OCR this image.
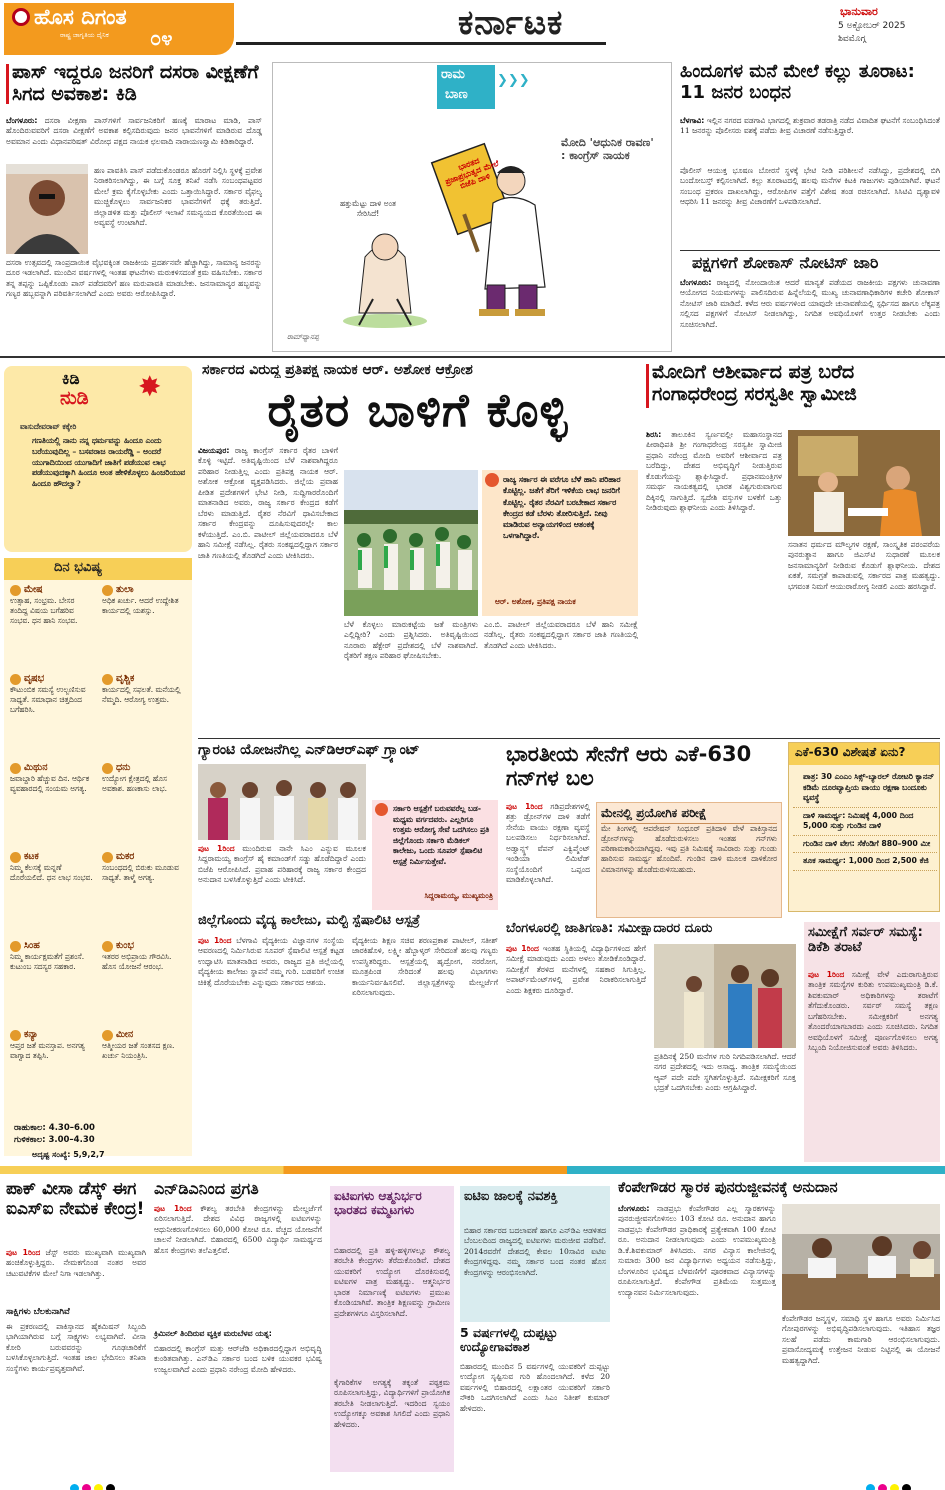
ಹೊಸ ದಿಗಂತ
ರಾಷ್ಟ್ರ ಜಾಗೃತಿಯ ದೈನಿಕ ೦೪	ಕರ್ನಾಟಕ	ಭಾನುವಾರ
5 ಅಕ್ಟೋಬರ್ 2025
ಶಿವಮೊಗ್ಗ
ಪಾಸ್ ಇದ್ದರೂ ಜನರಿಗೆ ದಸರಾ ವೀಕ್ಷಣೆಗೆ ಸಿಗದ ಅವಕಾಶ: ಕಿಡಿ
ಬೆಂಗಳೂರು: ದಸರಾ ವೀಕ್ಷಣಾ ಪಾಸ್‌ಗಳಿಗೆ ಸಾರ್ವಜನಿಕರಿಗೆ ಹಣಕ್ಕೆ ಮಾರಾಟ ಮಾಡಿ, ಪಾಸ್ ಹೊಂದಿರುವವರಿಗೆ ದಸರಾ ವೀಕ್ಷಣೆಗೆ ಅವಕಾಶ ಕಲ್ಪಿಸದಿರುವುದು ಜನರ ಭಾವನೆಗಳಿಗೆ ಮಾಡಿರುವ ದೊಡ್ಡ ಅವಮಾನ ಎಂದು ವಿಧಾನಪರಿಷತ್ ವಿರೋಧ ಪಕ್ಷದ ನಾಯಕ ಛಲವಾದಿ ನಾರಾಯಣಸ್ವಾಮಿ ಕಿಡಿಕಾರಿದ್ದಾರೆ.
ಹಣ ಪಾವತಿಸಿ ಪಾಸ್ ಪಡೆದುಕೊಂಡರೂ ಹೊರಗೆ ನಿಲ್ಲಿಸಿ ಸ್ಥಳಕ್ಕೆ ಪ್ರವೇಶ ನಿರಾಕರಿಸಲಾಗಿದ್ದು, ಈ ಬಗ್ಗೆ ಸೂಕ್ತ ತನಿಖೆ ನಡೆಸಿ ಸಂಬಂಧಪಟ್ಟವರ ಮೇಲೆ ಕ್ರಮ ಕೈಗೊಳ್ಳಬೇಕು ಎಂದು ಒತ್ತಾಯಿಸಿದ್ದಾರೆ. ಸರ್ಕಾರ ವೈಫಲ್ಯ ಮುಚ್ಚಿಕೊಳ್ಳಲು ಸಾರ್ವಜನಿಕರ ಭಾವನೆಗಳಿಗೆ ಧಕ್ಕೆ ತರುತ್ತಿದೆ. ಜಿಲ್ಲಾಡಳಿತ ಮತ್ತು ಪೊಲೀಸ್ ಇಲಾಖೆ ಸಮನ್ವಯದ ಕೊರತೆಯಿಂದ ಈ ಅವ್ಯವಸ್ಥೆ ಉಂಟಾಗಿದೆ.
ದಸರಾ ಉತ್ಸವದಲ್ಲಿ ಸಾಂಪ್ರದಾಯಿಕ ವೈಭವಕ್ಕಿಂತ ರಾಜಕೀಯ ಪ್ರದರ್ಶನವೇ ಹೆಚ್ಚಾಗಿದ್ದು, ಸಾಮಾನ್ಯ ಜನರನ್ನು ದೂರ ಇಡಲಾಗಿದೆ. ಮುಂದಿನ ವರ್ಷಗಳಲ್ಲಿ ಇಂತಹ ಘಟನೆಗಳು ಮರುಕಳಿಸದಂತೆ ಕ್ರಮ ವಹಿಸಬೇಕು. ಸರ್ಕಾರ ತನ್ನ ತಪ್ಪನ್ನು ಒಪ್ಪಿಕೊಂಡು ಪಾಸ್ ಪಡೆದವರಿಗೆ ಹಣ ಮರುಪಾವತಿ ಮಾಡಬೇಕು. ಜನಸಾಮಾನ್ಯರ ಹಬ್ಬವನ್ನು ಗಣ್ಯರ ಹಬ್ಬವನ್ನಾಗಿ ಪರಿವರ್ತಿಸಲಾಗಿದೆ ಎಂದು ಅವರು ಆರೋಪಿಸಿದ್ದಾರೆ.
ರಾಮ
ಬಾಣ
❯❯❯
ಭಾರತದ ಪ್ರಜಾಪ್ರಭುತ್ವದ ಮೇಲೆ ಬಿಜೆಪಿ ದಾಳಿ
ಮೋದಿ 'ಆಧುನಿಕ ರಾವಣ' : ಕಾಂಗ್ರೆಸ್ ನಾಯಕ
ಹತ್ತುಮೆಟ್ಟು ದಾಳಿ ಅಂತ ಸೇರಿಸಿದೆ!
ರಾಮ್‌ಧ್ಯಾನಪ್ಪ
ಹಿಂದೂಗಳ ಮನೆ ಮೇಲೆ ಕಲ್ಲು ತೂರಾಟ: 11 ಜನರ ಬಂಧನ
ಬೆಳಗಾವಿ: ಇಲ್ಲಿನ ನಗರದ ವಡಗಾವಿ ಭಾಗದಲ್ಲಿ ಶುಕ್ರವಾರ ತಡರಾತ್ರಿ ನಡೆದ ವಿವಾದಿತ ಘಟನೆಗೆ ಸಂಬಂಧಿಸಿದಂತೆ 11 ಜನರನ್ನು ಪೊಲೀಸರು ವಶಕ್ಕೆ ಪಡೆದು ತೀವ್ರ ವಿಚಾರಣೆ ನಡೆಸುತ್ತಿದ್ದಾರೆ.
ಪೊಲೀಸ್ ಆಯುಕ್ತ ಭೂಷಣ ಬೋರಸೆ ಸ್ಥಳಕ್ಕೆ ಭೇಟಿ ನೀಡಿ ಪರಿಶೀಲನೆ ನಡೆಸಿದ್ದು, ಪ್ರದೇಶದಲ್ಲಿ ಬಿಗಿ ಬಂದೋಬಸ್ತ್ ಕಲ್ಪಿಸಲಾಗಿದೆ. ಕಲ್ಲು ತೂರಾಟದಲ್ಲಿ ಹಲವು ಮನೆಗಳ ಕಿಟಕಿ ಗಾಜುಗಳು ಪುಡಿಯಾಗಿವೆ. ಘಟನೆ ಸಂಬಂಧ ಪ್ರಕರಣ ದಾಖಲಾಗಿದ್ದು, ಆರೋಪಿಗಳ ಪತ್ತೆಗೆ ವಿಶೇಷ ತಂಡ ರಚಿಸಲಾಗಿದೆ. ಸಿಸಿಟಿವಿ ದೃಶ್ಯಾವಳಿ ಆಧರಿಸಿ 11 ಜನರನ್ನು ತೀವ್ರ ವಿಚಾರಣೆಗೆ ಒಳಪಡಿಸಲಾಗಿದೆ.
ಪಕ್ಷಗಳಿಗೆ ಶೋಕಾಸ್ ನೋಟಿಸ್ ಜಾರಿ
ಬೆಂಗಳೂರು: ರಾಜ್ಯದಲ್ಲಿ ನೋಂದಾಯಿತ ಆದರೆ ಮಾನ್ಯತೆ ಪಡೆಯದ ರಾಜಕೀಯ ಪಕ್ಷಗಳು ಚುನಾವಣಾ ಆಯೋಗದ ನಿಯಮಗಳನ್ನು ಪಾಲಿಸದಿರುವ ಹಿನ್ನೆಲೆಯಲ್ಲಿ ಮುಖ್ಯ ಚುನಾವಣಾಧಿಕಾರಿಗಳ ಕಚೇರಿ ಶೋಕಾಸ್ ನೋಟಿಸ್ ಜಾರಿ ಮಾಡಿದೆ. ಕಳೆದ ಆರು ವರ್ಷಗಳಿಂದ ಯಾವುದೇ ಚುನಾವಣೆಯಲ್ಲಿ ಸ್ಪರ್ಧಿಸದ ಹಾಗೂ ಲೆಕ್ಕಪತ್ರ ಸಲ್ಲಿಸದ ಪಕ್ಷಗಳಿಗೆ ನೋಟಿಸ್ ನೀಡಲಾಗಿದ್ದು, ನಿಗದಿತ ಅವಧಿಯೊಳಗೆ ಉತ್ತರ ನೀಡಬೇಕು ಎಂದು ಸೂಚಿಸಲಾಗಿದೆ.
✸
ಕಿಡಿ
ನುಡಿ
ವಾಸುದೇವರಾವ್ ಕಕ್ಕೇರಿ
ಗಣತಿಯಲ್ಲಿ ನಾನು ನನ್ನ ಧರ್ಮವನ್ನು ಹಿಂದೂ ಎಂದು ಬರೆಯುವುದಿಲ್ಲ – ಬಸವರಾಜ ರಾಯರೆಡ್ಡಿ – ಅಂದರೆ ಯುಗಾದಿಯಿಂದ ಯುಗಾದಿಗೆ ಜಾತಿಗೆ ಪಡೆಯುವ ಲಾಭ ಪಡೆಯುವುದಕ್ಕಾಗಿ ಹಿಂದೂ ಅಂತ ಹೇಳಿಕೊಳ್ಳಲು ಹಿಂಜರಿಯುವ ಹಿಂದೂ ಹೌದಲ್ವಾ?
ದಿನ ಭವಿಷ್ಯ
ಮೇಷ
ಉತ್ಸಾಹ, ಸಂಭ್ರಮ. ಬೇಸರ ತಂದಿದ್ದ ವಿಷಯ ಬಗೆಹರಿವ ಸಂಭವ. ಧನ ಹಾನಿ ಸಂಭವ.
ವೃಷಭ
ಕೌಟುಂಬಿಕ ಸಮಸ್ಯೆ ಉಲ್ಬಣಿಸುವ ಸಾಧ್ಯತೆ. ಸಮಾಧಾನ ಚಿತ್ತದಿಂದ ಬಗೆಹರಿಸಿ.
ಮಿಥುನ
ಜವಾಬ್ದಾರಿ ಹೆಚ್ಚುವ ದಿನ. ಆರ್ಥಿಕ ವ್ಯವಹಾರದಲ್ಲಿ ಸಂಯಮ ಅಗತ್ಯ.
ಕಟಕ
ನಿಮ್ಮ ಕೆಲಸಕ್ಕೆ ಮನ್ನಣೆ ದೊರೆಯಲಿದೆ. ಧನ ಲಾಭ ಸಂಭವ.
ಸಿಂಹ
ನಿಮ್ಮ ಕಾರ್ಯಕ್ಷಮತೆಗೆ ಪ್ರಶಂಸೆ. ಕುಟುಂಬ ಸದಸ್ಯರ ಸಹಕಾರ.
ಕನ್ಯಾ
ಆಪ್ತರ ಜತೆ ಮನಸ್ತಾಪ. ಅನಗತ್ಯ ವಾಗ್ವಾದ ತಪ್ಪಿಸಿ.
ತುಲಾ
ಅಧಿಕ ಖರ್ಚು. ಆದರೆ ಉದ್ದೇಶಿತ ಕಾರ್ಯದಲ್ಲಿ ಯಶಸ್ಸು.
ವೃಶ್ಚಿಕ
ಕಾರ್ಯದಲ್ಲಿ ಸಫಲತೆ. ಮನೆಯಲ್ಲಿ ನೆಮ್ಮದಿ. ಆರೋಗ್ಯ ಉತ್ತಮ.
ಧನು
ಉದ್ಯೋಗ ಕ್ಷೇತ್ರದಲ್ಲಿ ಹೊಸ ಅವಕಾಶ. ಹಣಕಾಸು ಲಾಭ.
ಮಕರ
ಸಂಬಂಧದಲ್ಲಿ ಬಿರುಕು ಮೂಡುವ ಸಾಧ್ಯತೆ. ತಾಳ್ಮೆ ಅಗತ್ಯ.
ಕುಂಭ
ಇತರರ ಅಭಿಪ್ರಾಯ ಗೌರವಿಸಿ. ಹೊಸ ಯೋಜನೆ ಆರಂಭ.
ಮೀನ
ಆತ್ಮೀಯರ ಜತೆ ಸಂತಸದ ಕ್ಷಣ. ಖರ್ಚು ನಿಯಂತ್ರಿಸಿ.
ರಾಹುಕಾಲ: 4.30–6.00
ಗುಳಿಕಕಾಲ: 3.00–4.30
ಅದೃಷ್ಟ ಸಂಖ್ಯೆ: 5,9,2,7
ಸರ್ಕಾರದ ವಿರುದ್ಧ ಪ್ರತಿಪಕ್ಷ ನಾಯಕ ಆರ್. ಅಶೋಕ ಆಕ್ರೋಶ
ರೈತರ ಬಾಳಿಗೆ ಕೊಳ್ಳಿ
ವಿಜಯಪುರ: ರಾಜ್ಯ ಕಾಂಗ್ರೆಸ್ ಸರ್ಕಾರ ರೈತರ ಬಾಳಿಗೆ ಕೊಳ್ಳಿ ಇಟ್ಟಿದೆ. ಅತಿವೃಷ್ಟಿಯಿಂದ ಬೆಳೆ ನಾಶವಾಗಿದ್ದರೂ ಪರಿಹಾರ ನೀಡುತ್ತಿಲ್ಲ ಎಂದು ಪ್ರತಿಪಕ್ಷ ನಾಯಕ ಆರ್. ಅಶೋಕ ಆಕ್ರೋಶ ವ್ಯಕ್ತಪಡಿಸಿದರು. ಜಿಲ್ಲೆಯ ಪ್ರವಾಹ ಪೀಡಿತ ಪ್ರದೇಶಗಳಿಗೆ ಭೇಟಿ ನೀಡಿ, ಸುದ್ದಿಗಾರರೊಂದಿಗೆ ಮಾತನಾಡಿದ ಅವರು, ರಾಜ್ಯ ಸರ್ಕಾರ ಕೇಂದ್ರದ ಕಡೆಗೆ ಬೆರಳು ಮಾಡುತ್ತಿದೆ. ರೈತರ ನೆರವಿಗೆ ಧಾವಿಸಬೇಕಾದ ಸರ್ಕಾರ ಕೇಂದ್ರವನ್ನು ದೂಷಿಸುವುದರಲ್ಲೇ ಕಾಲ ಕಳೆಯುತ್ತಿದೆ. ಎಂ.ಬಿ. ಪಾಟೀಲ್ ಜಿಲ್ಲೆಯವರಾದರೂ ಬೆಳೆ ಹಾನಿ ಸಮೀಕ್ಷೆ ನಡೆಸಿಲ್ಲ. ರೈತರು ಸಂಕಷ್ಟದಲ್ಲಿದ್ದಾಗ ಸರ್ಕಾರ ಜಾತಿ ಗಣತಿಯಲ್ಲಿ ತೊಡಗಿದೆ ಎಂದು ಟೀಕಿಸಿದರು.
ರಾಜ್ಯ ಸರ್ಕಾರ ಈ ವರೆಗೂ ಬೆಳೆ ಹಾನಿ ಪರಿಹಾರ ಕೊಟ್ಟಿಲ್ಲ. ಜತೆಗೆ ತೆರಿಗೆ ಇಳಿಕೆಯ ಲಾಭ ಜನರಿಗೆ ಕೊಟ್ಟಿಲ್ಲ. ರೈತರ ನೆರವಿಗೆ ಬರಬೇಕಾದ ಸರ್ಕಾರ ಕೇಂದ್ರದ ಕಡೆ ಬೆರಳು ತೋರಿಸುತ್ತಿದೆ. ನೀವು ಮಾಡಿರುವ ಅನ್ಯಾಯಗಳಿಂದ ಆತಂಕಕ್ಕೆ ಒಳಗಾಗಿದ್ದಾರೆ.
ಆರ್. ಅಶೋಕ, ಪ್ರತಿಪಕ್ಷ ನಾಯಕ
ಬೆಳೆ ಕೊಳ್ಳಲು ಮಾರುಕಟ್ಟೆಯ ಜತೆ ಮಂತ್ರಿಗಳು ಎಲ್ಲಿದ್ದೀರಿ? ಎಂದು ಪ್ರಶ್ನಿಸಿದರು. ಅತಿವೃಷ್ಟಿಯಿಂದ ನೂರಾರು ಹೆಕ್ಟೇರ್ ಪ್ರದೇಶದಲ್ಲಿ ಬೆಳೆ ನಾಶವಾಗಿದೆ. ರೈತರಿಗೆ ತಕ್ಷಣ ಪರಿಹಾರ ಘೋಷಿಸಬೇಕು.
ಎಂ.ಬಿ. ಪಾಟೀಲ್ ಜಿಲ್ಲೆಯವರಾದರೂ ಬೆಳೆ ಹಾನಿ ಸಮೀಕ್ಷೆ ನಡೆಸಿಲ್ಲ. ರೈತರು ಸಂಕಷ್ಟದಲ್ಲಿದ್ದಾಗ ಸರ್ಕಾರ ಜಾತಿ ಗಣತಿಯಲ್ಲಿ ತೊಡಗಿದೆ ಎಂದು ಟೀಕಿಸಿದರು.
ಮೋದಿಗೆ ಆಶೀರ್ವಾದ ಪತ್ರ ಬರೆದ ಗಂಗಾಧರೇಂದ್ರ ಸರಸ್ವತೀ ಸ್ವಾಮೀಜಿ
ಶಿರಸಿ: ತಾಲೂಕಿನ ಸ್ವರ್ಣವಲ್ಲೀ ಮಹಾಸಂಸ್ಥಾನದ ಪೀಠಾಧಿಪತಿ ಶ್ರೀ ಗಂಗಾಧರೇಂದ್ರ ಸರಸ್ವತೀ ಸ್ವಾಮೀಜಿ ಪ್ರಧಾನಿ ನರೇಂದ್ರ ಮೋದಿ ಅವರಿಗೆ ಆಶೀರ್ವಾದ ಪತ್ರ ಬರೆದಿದ್ದು, ದೇಶದ ಅಭಿವೃದ್ಧಿಗೆ ನೀಡುತ್ತಿರುವ ಕೊಡುಗೆಯನ್ನು ಶ್ಲಾಘಿಸಿದ್ದಾರೆ. ಪ್ರಧಾನಮಂತ್ರಿಗಳ ಸಮರ್ಥ ನಾಯಕತ್ವದಲ್ಲಿ ಭಾರತ ವಿಶ್ವಗುರುವಾಗುವ ದಿಕ್ಕಿನಲ್ಲಿ ಸಾಗುತ್ತಿದೆ. ಸ್ವದೇಶಿ ವಸ್ತುಗಳ ಬಳಕೆಗೆ ಒತ್ತು ನೀಡಿರುವುದು ಶ್ಲಾಘನೀಯ ಎಂದು ತಿಳಿಸಿದ್ದಾರೆ.
ಸನಾತನ ಧರ್ಮದ ಮೌಲ್ಯಗಳ ರಕ್ಷಣೆ, ಸಾಂಸ್ಕೃತಿಕ ಪರಂಪರೆಯ ಪುನರುತ್ಥಾನ ಹಾಗೂ ಜಿಎಸ್‌ಟಿ ಸುಧಾರಣೆ ಮೂಲಕ ಜನಸಾಮಾನ್ಯರಿಗೆ ನೀಡಿರುವ ಕೊಡುಗೆ ಶ್ಲಾಘನೀಯ. ದೇಶದ ಏಕತೆ, ಸಮಗ್ರತೆ ಕಾಪಾಡುವಲ್ಲಿ ಸರ್ಕಾರದ ಪಾತ್ರ ಮಹತ್ವದ್ದು. ಭಗವಂತ ನಿಮಗೆ ಆಯುರಾರೋಗ್ಯ ನೀಡಲಿ ಎಂದು ಹರಸಿದ್ದಾರೆ.
ಗ್ಯಾರಂಟಿ ಯೋಜನೆಗಿಲ್ಲ ಎನ್‌ಡಿಆರ್‌ಎಫ್ ಗ್ರ್ಯಾಂಟ್
ಸರ್ಕಾರಿ ಆಸ್ಪತ್ರೆಗೆ ಬರುವವರೆಲ್ಲ ಬಡ-ಮಧ್ಯಮ ವರ್ಗದವರು. ಎಲ್ಲರಿಗೂ ಉತ್ತಮ ಆರೋಗ್ಯ ಸೇವೆ ಒದಗಿಸಲು ಪ್ರತಿ ಜಿಲ್ಲೆಗೊಂದು ಸರ್ಕಾರಿ ಮೆಡಿಕಲ್ ಕಾಲೇಜು, ಒಂದು ಸೂಪರ್ ಸ್ಪೆಷಾಲಿಟಿ ಆಸ್ಪತ್ರೆ ನಿರ್ಮಿಸುತ್ತೇವೆ.
ಸಿದ್ದರಾಮಯ್ಯ, ಮುಖ್ಯಮಂತ್ರಿ
ಪುಟ 1ರಿಂದ ಮುಂದಿರುವ ನಾನೇ ಸಿಎಂ ಎನ್ನುವ ಮೂಲಕ ಸಿದ್ದರಾಮಯ್ಯ ಕಾಂಗ್ರೆಸ್ ಹೈ ಕಮಾಂಡ್‌ಗೆ ಸಡ್ಡು ಹೊಡೆದಿದ್ದಾರೆ ಎಂದು ಬಿಜೆಪಿ ಆರೋಪಿಸಿದೆ. ಪ್ರವಾಹ ಪರಿಹಾರಕ್ಕೆ ರಾಜ್ಯ ಸರ್ಕಾರ ಕೇಂದ್ರದ ಅನುದಾನ ಬಳಸಿಕೊಳ್ಳುತ್ತಿದೆ ಎಂದು ಟೀಕಿಸಿದೆ.
ಜಿಲ್ಲೆಗೊಂದು ವೈದ್ಯ ಕಾಲೇಜು, ಮಲ್ಟಿ ಸ್ಪೆಷಾಲಿಟಿ ಆಸ್ಪತ್ರೆ
ಪುಟ 1ರಿಂದ ಬೆಳಗಾವಿ ವೈದ್ಯಕೀಯ ವಿಜ್ಞಾನಗಳ ಸಂಸ್ಥೆಯ ಆವರಣದಲ್ಲಿ ನಿರ್ಮಿಸಿರುವ ಸೂಪರ್ ಸ್ಪೆಷಾಲಿಟಿ ಆಸ್ಪತ್ರೆ ಕಟ್ಟಡ ಉದ್ಘಾಟಿಸಿ ಮಾತನಾಡಿದ ಅವರು, ರಾಜ್ಯದ ಪ್ರತಿ ಜಿಲ್ಲೆಯಲ್ಲಿ ವೈದ್ಯಕೀಯ ಕಾಲೇಜು ಸ್ಥಾಪನೆ ನಮ್ಮ ಗುರಿ. ಬಡವರಿಗೆ ಉಚಿತ ಚಿಕಿತ್ಸೆ ದೊರೆಯಬೇಕು ಎನ್ನುವುದು ಸರ್ಕಾರದ ಆಶಯ.
ವೈದ್ಯಕೀಯ ಶಿಕ್ಷಣ ಸಚಿವ ಶರಣಪ್ರಕಾಶ ಪಾಟೀಲ್, ಸತೀಶ್ ಜಾರಕಿಹೊಳಿ, ಲಕ್ಷ್ಮೀ ಹೆಬ್ಬಾಳ್ಕರ್ ಸೇರಿದಂತೆ ಹಲವು ಗಣ್ಯರು ಉಪಸ್ಥಿತರಿದ್ದರು. ಆಸ್ಪತ್ರೆಯಲ್ಲಿ ಹೃದ್ರೋಗ, ನರರೋಗ, ಮೂತ್ರಪಿಂಡ ಸೇರಿದಂತೆ ಹಲವು ವಿಭಾಗಗಳು ಕಾರ್ಯನಿರ್ವಹಿಸಲಿವೆ. ಜಿಲ್ಲಾಸ್ಪತ್ರೆಗಳನ್ನು ಮೇಲ್ದರ್ಜೆಗೆ ಏರಿಸಲಾಗುವುದು.
ಭಾರತೀಯ ಸೇನೆಗೆ ಆರು ಎಕೆ-630 ಗನ್‌ಗಳ ಬಲ
ಪುಟ 1ರಿಂದ ಗಡಿಪ್ರದೇಶಗಳಲ್ಲಿ ಶತ್ರು ಡ್ರೋನ್‌ಗಳ ದಾಳಿ ತಡೆಗೆ ಸೇನೆಯ ವಾಯು ರಕ್ಷಣಾ ವ್ಯವಸ್ಥೆ ಬಲಪಡಿಸಲು ನಿರ್ಧರಿಸಲಾಗಿದೆ. ಅಡ್ವಾನ್ಸ್ಡ್ ವೆಪನ್ ಎಕ್ವಿಪ್ಮೆಂಟ್ ಇಂಡಿಯಾ ಲಿಮಿಟೆಡ್ ಸಂಸ್ಥೆಯೊಂದಿಗೆ ಒಪ್ಪಂದ ಮಾಡಿಕೊಳ್ಳಲಾಗಿದೆ.
ಮೇನಲ್ಲಿ ಪ್ರಯೋಗಿಕ ಪರೀಕ್ಷೆ
ಮೇ ತಿಂಗಳಲ್ಲಿ ಆಪರೇಷನ್ ಸಿಂಧೂರ್ ಪ್ರತಿದಾಳಿ ವೇಳೆ ಪಾಕಿಸ್ತಾನದ ಡ್ರೋನ್‌ಗಳನ್ನು ಹೊಡೆದುರುಳಿಸಲು ಇಂತಹ ಗನ್‌ಗಳು ಪರಿಣಾಮಕಾರಿಯಾಗಿದ್ದವು. ಇವು ಪ್ರತಿ ನಿಮಿಷಕ್ಕೆ ಸಾವಿರಾರು ಸುತ್ತು ಗುಂಡು ಹಾರಿಸುವ ಸಾಮರ್ಥ್ಯ ಹೊಂದಿವೆ. ಗುಂಡಿನ ದಾಳಿ ಮೂಲಕ ದಾಳಿಕೋರ ವಿಮಾನಗಳನ್ನು ಹೊಡೆದುರುಳಿಸಬಹುದು.
ಎಕೆ-630 ವಿಶೇಷತೆ ಏನು?
ಪಾತ್ರ: 30 ಎಂಎಂ ಸಿಕ್ಸ್-ಬ್ಯಾರಲ್ ರೋಟರಿ ಕ್ಯಾನನ್ ಕಡಿಮೆ ದೂರವ್ಯಾಪ್ತಿಯ ವಾಯು ರಕ್ಷಣಾ ಬಂದೂಕು ವ್ಯವಸ್ಥೆ
ದಾಳಿ ಸಾಮರ್ಥ್ಯ: ನಿಮಿಷಕ್ಕೆ 4,000 ದಿಂದ 5,000 ಸುತ್ತು ಗುಂಡಿನ ದಾಳಿ
ಗುಂಡಿನ ದಾಳಿ ವೇಗ: ಸೆಕೆಂಡಿಗೆ 880–900 ಮೀ
ತೂಕ ಸಾಮರ್ಥ್ಯ: 1,000 ದಿಂದ 2,500 ಕೆಜಿ
ಬೆಂಗಳೂರಲ್ಲಿ ಜಾತಿಗಣತಿ: ಸಮೀಕ್ಷಾದಾರರ ದೂರು
ಪುಟ 1ರಿಂದ ಇಂತಹ ಸ್ಥಿತಿಯಲ್ಲಿ ವಿದ್ಯಾರ್ಥಿಗಳಿಂದ ಹೇಗೆ ಸಮೀಕ್ಷೆ ಮಾಡುವುದು ಎಂದು ಅಳಲು ತೋಡಿಕೊಂಡಿದ್ದಾರೆ. ಸಮೀಕ್ಷೆಗೆ ತೆರಳಿದ ಮನೆಗಳಲ್ಲಿ ಸಹಕಾರ ಸಿಗುತ್ತಿಲ್ಲ. ಅಪಾರ್ಟ್‌ಮೆಂಟ್‌ಗಳಲ್ಲಿ ಪ್ರವೇಶ ನಿರಾಕರಿಸಲಾಗುತ್ತಿದೆ ಎಂದು ಶಿಕ್ಷಕರು ದೂರಿದ್ದಾರೆ.
ಪ್ರತಿದಿನಕ್ಕೆ 250 ಮನೆಗಳ ಗುರಿ ನಿಗದಿಪಡಿಸಲಾಗಿದೆ. ಆದರೆ ನಗರ ಪ್ರದೇಶದಲ್ಲಿ ಇದು ಅಸಾಧ್ಯ. ತಾಂತ್ರಿಕ ಸಮಸ್ಯೆಯಿಂದ ಆ್ಯಪ್ ಪದೇ ಪದೇ ಸ್ಥಗಿತಗೊಳ್ಳುತ್ತಿದೆ. ಸಮೀಕ್ಷಕರಿಗೆ ಸೂಕ್ತ ಭದ್ರತೆ ಒದಗಿಸಬೇಕು ಎಂದು ಆಗ್ರಹಿಸಿದ್ದಾರೆ.
ಸಮೀಕ್ಷೆಗೆ ಸರ್ವರ್ ಸಮಸ್ಯೆ: ಡಿಕೆಶಿ ತರಾಟೆ
ಪುಟ 1ರಿಂದ ಸಮೀಕ್ಷೆ ವೇಳೆ ಎದುರಾಗುತ್ತಿರುವ ತಾಂತ್ರಿಕ ಸಮಸ್ಯೆಗಳ ಕುರಿತು ಉಪಮುಖ್ಯಮಂತ್ರಿ ಡಿ.ಕೆ. ಶಿವಕುಮಾರ್ ಅಧಿಕಾರಿಗಳನ್ನು ತರಾಟೆಗೆ ತೆಗೆದುಕೊಂಡರು. ಸರ್ವರ್ ಸಮಸ್ಯೆ ತಕ್ಷಣ ಬಗೆಹರಿಸಬೇಕು. ಸಮೀಕ್ಷಕರಿಗೆ ಅನಗತ್ಯ ತೊಂದರೆಯಾಗಬಾರದು ಎಂದು ಸೂಚಿಸಿದರು. ನಿಗದಿತ ಅವಧಿಯೊಳಗೆ ಸಮೀಕ್ಷೆ ಪೂರ್ಣಗೊಳಿಸಲು ಅಗತ್ಯ ಸಿಬ್ಬಂದಿ ನಿಯೋಜಿಸುವಂತೆ ಅವರು ತಿಳಿಸಿದರು.
ಪಾಕ್ ವೀಸಾ ಡೆಸ್ಕ್ ಈಗ ಐಎಸ್‌ಐ ನೇಮಕ ಕೇಂದ್ರ!
ಪುಟ 1ರಿಂದ ಜೆಸ್ಟ್ ಅವರು ಮುಖ್ಯವಾಗಿ ಮುಖ್ಯವಾಗಿ ಹಂಚಿಕೊಳ್ಳುತ್ತಿದ್ದರು. ನೇಮಕಗೊಂಡ ನಂತರ ಅವರ ಚಟುವಟಿಕೆಗಳ ಮೇಲೆ ನಿಗಾ ಇಡಲಾಗಿತ್ತು.
ಸಾಕ್ಷಿಗಳು ಬೆಲಕುನಾಗಿವೆ
ಈ ಪ್ರಕರಣದಲ್ಲಿ ಪಾಕಿಸ್ತಾನದ ಹೈಕಮಿಷನ್ ಸಿಬ್ಬಂದಿ ಭಾಗಿಯಾಗಿರುವ ಬಗ್ಗೆ ಸಾಕ್ಷ್ಯಗಳು ಲಭ್ಯವಾಗಿವೆ. ವೀಸಾ ಕೋರಿ ಬರುವವರನ್ನು ಗೂಢಚಾರಿಕೆಗೆ ಬಳಸಿಕೊಳ್ಳಲಾಗುತ್ತಿದೆ. ಇಂತಹ ಜಾಲ ಭೇದಿಸಲು ತನಿಖಾ ಸಂಸ್ಥೆಗಳು ಕಾರ್ಯಪ್ರವೃತ್ತವಾಗಿವೆ.
ಎನ್‌ಡಿಎನಿಂದ ಪ್ರಗತಿ
ಪುಟ 1ರಿಂದ ಕೌಶಲ್ಯ ತರಬೇತಿ ಕೇಂದ್ರಗಳನ್ನು ಮೇಲ್ದರ್ಜೆಗೆ ಏರಿಸಲಾಗುತ್ತಿದೆ. ದೇಶದ ವಿವಿಧ ರಾಜ್ಯಗಳಲ್ಲಿ ಐಟಿಐಗಳನ್ನು ಆಧುನೀಕರಣಗೊಳಿಸಲು 60,000 ಕೋಟಿ ರೂ. ವೆಚ್ಚದ ಯೋಜನೆಗೆ ಚಾಲನೆ ನೀಡಲಾಗಿದೆ. ಬಿಹಾರದಲ್ಲಿ 6500 ವಿದ್ಯಾರ್ಥಿ ಸಾಮರ್ಥ್ಯದ ಹೊಸ ಕೇಂದ್ರಗಳು ತಲೆಎತ್ತಲಿವೆ.
ಕ್ರಿಮಿನಲ್ ತಿಂದಿರುವ ವ್ಯಕ್ತಿಕ ಮರುಬೆಳವ ಯತ್ನ:
ಬಿಹಾರದಲ್ಲಿ ಕಾಂಗ್ರೆಸ್ ಮತ್ತು ಆರ್‌ಜೆಡಿ ಅಧಿಕಾರದಲ್ಲಿದ್ದಾಗ ಅಭಿವೃದ್ಧಿ ಕುಂಠಿತವಾಗಿತ್ತು. ಎನ್‌ಡಿಎ ಸರ್ಕಾರ ಬಂದ ಬಳಿಕ ಯುವಕರ ಭವಿಷ್ಯ ಉಜ್ವಲವಾಗಿದೆ ಎಂದು ಪ್ರಧಾನಿ ನರೇಂದ್ರ ಮೋದಿ ಹೇಳಿದರು.
ಐಟಿಐಗಳು ಆತ್ಮನಿರ್ಭರ ಭಾರತದ ಕಮ್ಮಟಗಳು
ಬಿಹಾರದಲ್ಲಿ ಪ್ರತಿ ಹಳ್ಳಿ-ಹಳ್ಳಿಗಳಲ್ಲೂ ಕೌಶಲ್ಯ ತರಬೇತಿ ಕೇಂದ್ರಗಳು ತೆರೆದುಕೊಂಡಿವೆ. ದೇಶದ ಯುವಕರಿಗೆ ಉದ್ಯೋಗ ದೊರಕಿಸುವಲ್ಲಿ ಐಟಿಐಗಳ ಪಾತ್ರ ಮಹತ್ವದ್ದು. ಆತ್ಮನಿರ್ಭರ ಭಾರತ ನಿರ್ಮಾಣಕ್ಕೆ ಐಟಿಐಗಳು ಪ್ರಮುಖ ಕೊಂಡಿಯಾಗಿವೆ. ತಾಂತ್ರಿಕ ಶಿಕ್ಷಣವನ್ನು ಗ್ರಾಮೀಣ ಪ್ರದೇಶಗಳಿಗೂ ವಿಸ್ತರಿಸಲಾಗಿದೆ.
ಕೈಗಾರಿಕೆಗಳ ಅಗತ್ಯಕ್ಕೆ ತಕ್ಕಂತೆ ಪಠ್ಯಕ್ರಮ ರೂಪಿಸಲಾಗುತ್ತಿದ್ದು, ವಿದ್ಯಾರ್ಥಿಗಳಿಗೆ ಪ್ರಾಯೋಗಿಕ ತರಬೇತಿ ನೀಡಲಾಗುತ್ತಿದೆ. ಇದರಿಂದ ಸ್ವಯಂ ಉದ್ಯೋಗಕ್ಕೂ ಅವಕಾಶ ಸಿಗಲಿದೆ ಎಂದು ಪ್ರಧಾನಿ ಹೇಳಿದರು.
ಐಟಿಐ ಜಾಲಕ್ಕೆ ನವಶಕ್ತಿ
ಬಿಹಾರ ಸರ್ಕಾರದ ಬದಲಾವಣೆ ಹಾಗೂ ಎನ್‌ಡಿಎ ಆಡಳಿತದ ಬೆಂಬಲದಿಂದ ರಾಜ್ಯದಲ್ಲಿ ಐಟಿಐಗಳು ಮರುಜೀವ ಪಡೆದಿವೆ. 2014ರವರೆಗೆ ದೇಶದಲ್ಲಿ ಕೇವಲ 10ಸಾವಿರ ಐಟಿಐ ಕೇಂದ್ರಗಳಿದ್ದವು. ನಮ್ಮ ಸರ್ಕಾರ ಬಂದ ನಂತರ ಹೊಸ ಕೇಂದ್ರಗಳನ್ನು ಆರಂಭಿಸಲಾಗಿದೆ.
5 ವರ್ಷಗಳಲ್ಲಿ ದುಪ್ಪಟ್ಟು ಉದ್ಯೋಗಾವಕಾಶ
ಬಿಹಾರದಲ್ಲಿ ಮುಂದಿನ 5 ವರ್ಷಗಳಲ್ಲಿ ಯುವಕರಿಗೆ ದುಪ್ಪಟ್ಟು ಉದ್ಯೋಗ ಸೃಷ್ಟಿಸುವ ಗುರಿ ಹೊಂದಲಾಗಿದೆ. ಕಳೆದ 20 ವರ್ಷಗಳಲ್ಲಿ ಬಿಹಾರದಲ್ಲಿ ಲಕ್ಷಾಂತರ ಯುವಕರಿಗೆ ಸರ್ಕಾರಿ ನೌಕರಿ ಒದಗಿಸಲಾಗಿದೆ ಎಂದು ಸಿಎಂ ನಿತೀಶ್ ಕುಮಾರ್ ಹೇಳಿದರು.
ಕೆಂಪೇಗೌಡರ ಸ್ಮಾರಕ ಪುನರುಜ್ಜೀವನಕ್ಕೆ ಅನುದಾನ
ಬೆಂಗಳೂರು: ನಾಡಪ್ರಭು ಕೆಂಪೇಗೌಡರ ಎಲ್ಲ ಸ್ಮಾರಕಗಳನ್ನು ಪುನರುಜ್ಜೀವನಗೊಳಿಸಲು 103 ಕೋಟಿ ರೂ. ಅನುದಾನ ಹಾಗೂ ನಾಡಪ್ರಭು ಕೆಂಪೇಗೌಡರ ಪ್ರಾಧಿಕಾರಕ್ಕೆ ಪ್ರತ್ಯೇಕವಾಗಿ 100 ಕೋಟಿ ರೂ. ಅನುದಾನ ನೀಡಲಾಗುವುದು ಎಂದು ಉಪಮುಖ್ಯಮಂತ್ರಿ ಡಿ.ಕೆ.ಶಿವಕುಮಾರ್ ತಿಳಿಸಿದರು. ನಗರ ವಿನ್ಯಾಸ ಕಾಲೇಜಿನಲ್ಲಿ ಸುಮಾರು 300 ಜನ ವಿದ್ಯಾರ್ಥಿಗಳು ಅಧ್ಯಯನ ನಡೆಸುತ್ತಿದ್ದು, ಬೆಂಗಳೂರಿನ ಭವಿಷ್ಯದ ಬೆಳವಣಿಗೆಗೆ ಪೂರಕವಾದ ವಿನ್ಯಾಸಗಳನ್ನು ರೂಪಿಸಲಾಗುತ್ತಿದೆ. ಕೆಂಪೇಗೌಡ ಪ್ರತಿಮೆಯ ಸುತ್ತಮುತ್ತ ಉದ್ಯಾನವನ ನಿರ್ಮಿಸಲಾಗುವುದು.
ಕೆಂಪೇಗೌಡರ ಜನ್ಮಸ್ಥಳ, ಸಮಾಧಿ ಸ್ಥಳ ಹಾಗೂ ಅವರು ನಿರ್ಮಿಸಿದ ಗೋಪುರಗಳನ್ನು ಅಭಿವೃದ್ಧಿಪಡಿಸಲಾಗುವುದು. ಇತಿಹಾಸ ತಜ್ಞರ ಸಲಹೆ ಪಡೆದು ಕಾಮಗಾರಿ ಆರಂಭಿಸಲಾಗುವುದು. ಪ್ರವಾಸೋದ್ಯಮಕ್ಕೆ ಉತ್ತೇಜನ ನೀಡುವ ನಿಟ್ಟಿನಲ್ಲಿ ಈ ಯೋಜನೆ ಮಹತ್ವದ್ದಾಗಿದೆ.
